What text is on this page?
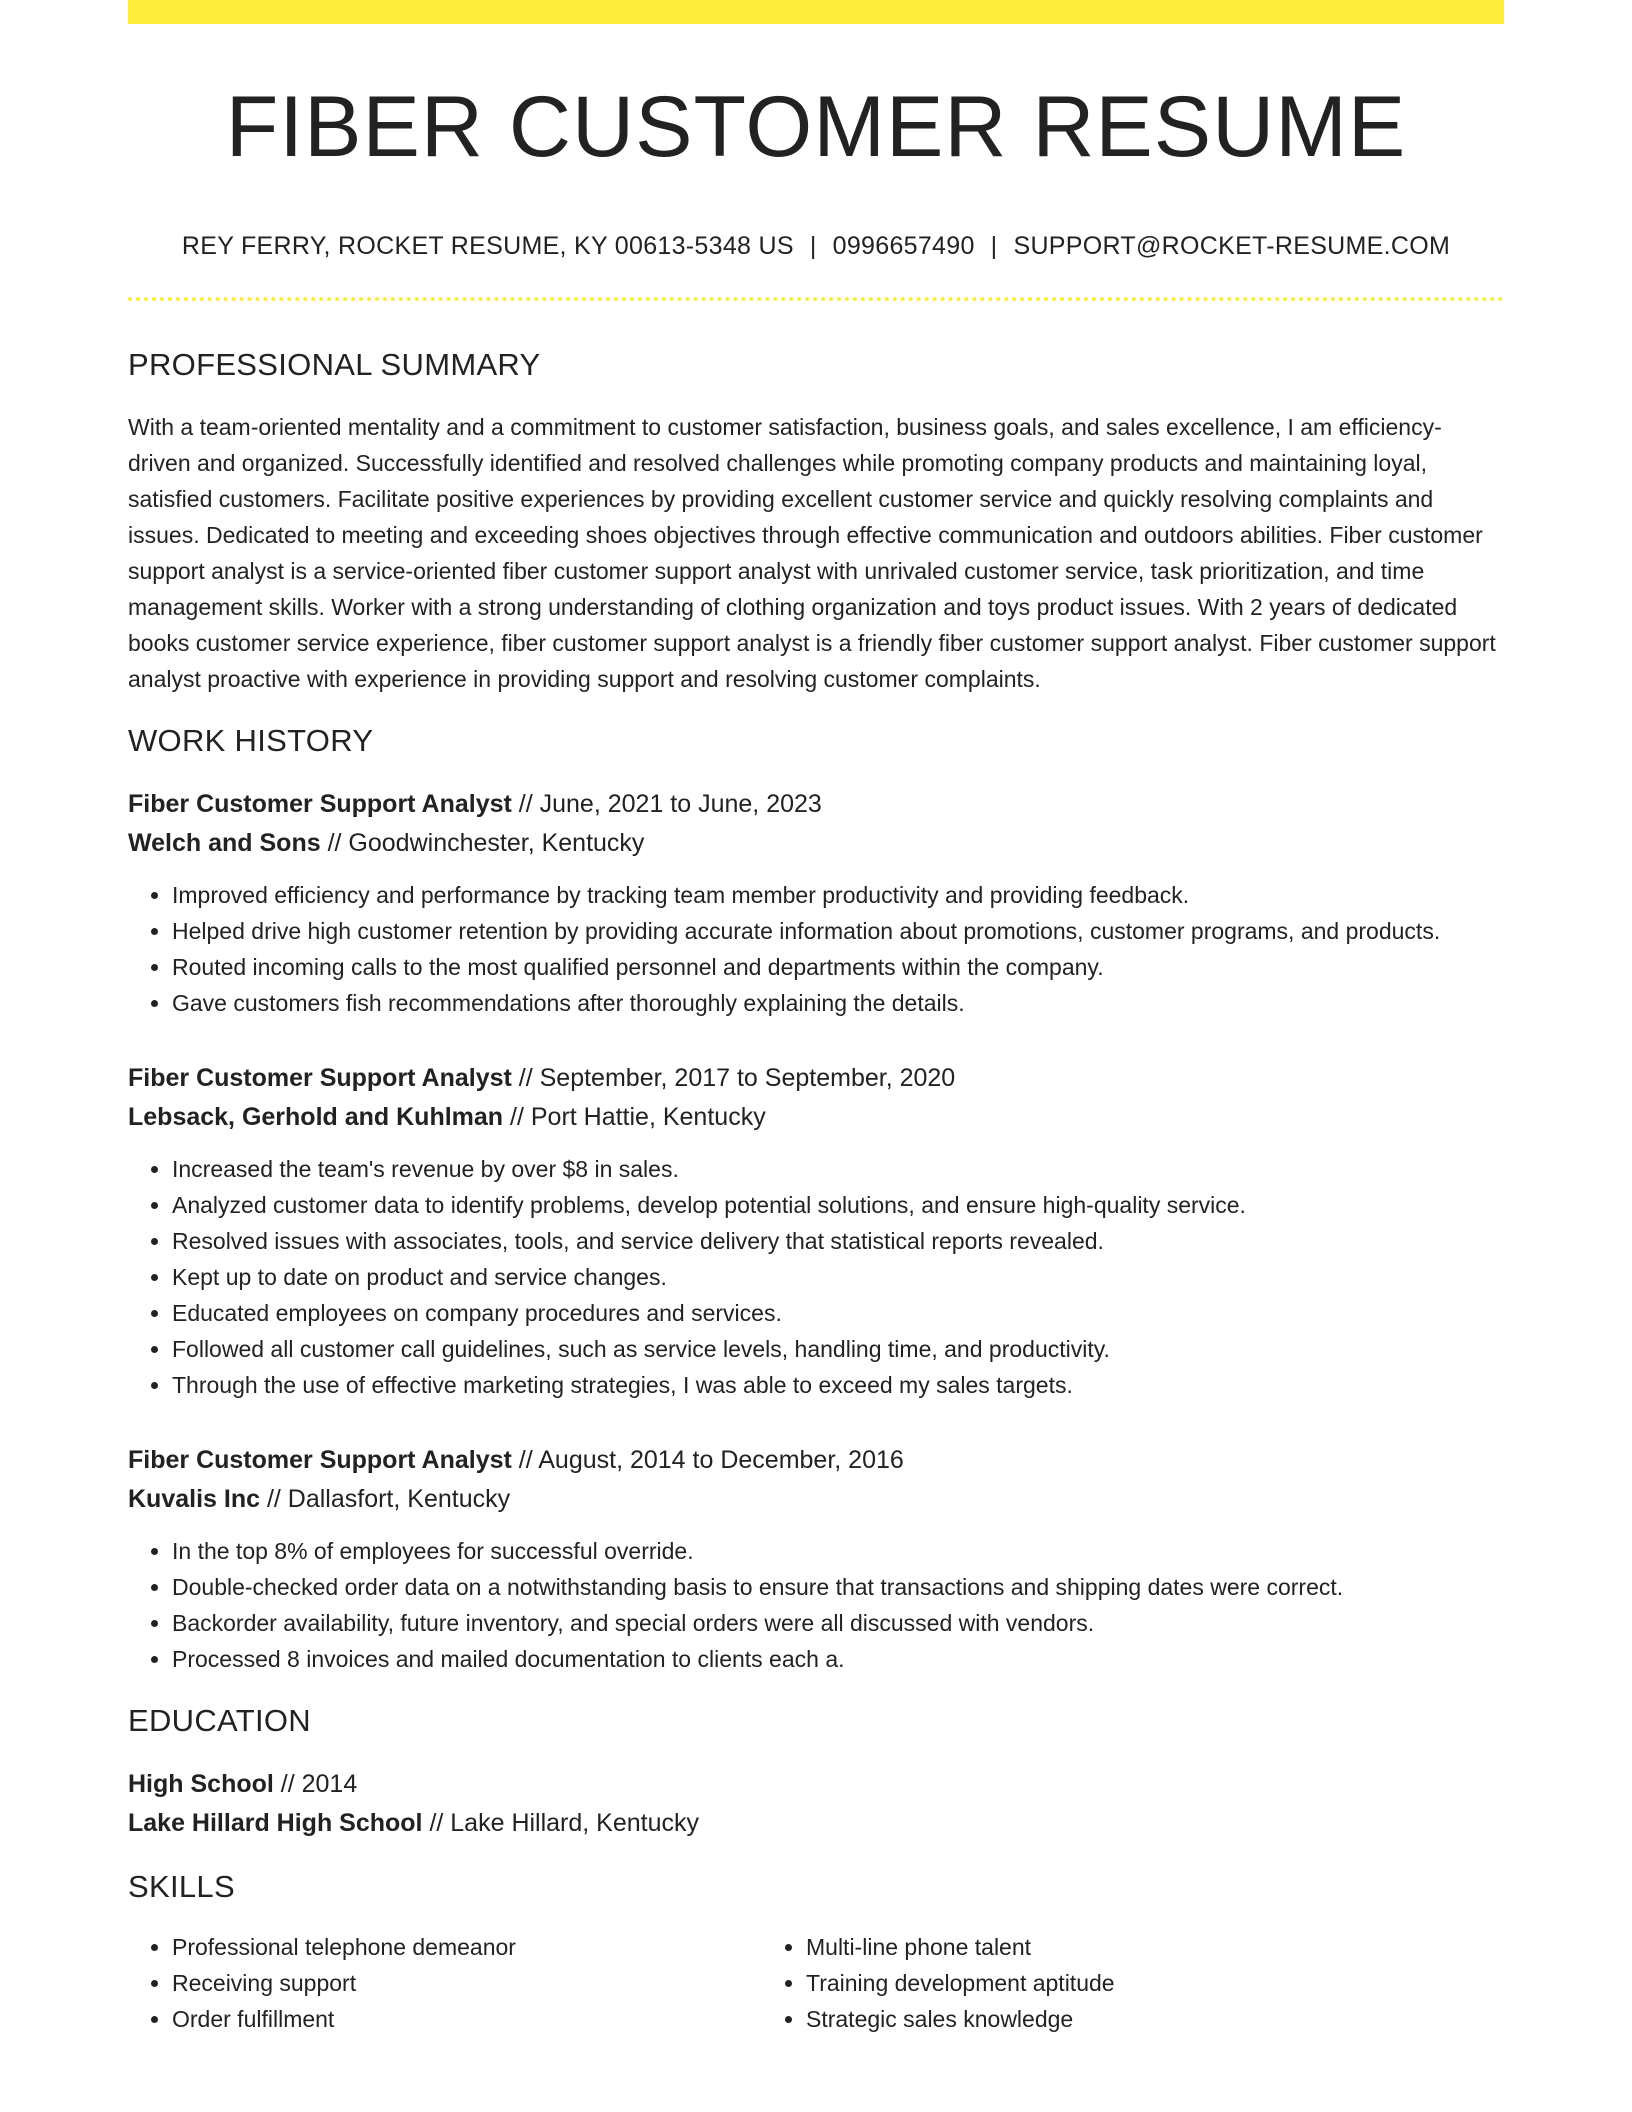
FIBER CUSTOMER RESUME
REY FERRY, ROCKET RESUME, KY 00613-5348 US | 0996657490 | SUPPORT@ROCKET-RESUME.COM
PROFESSIONAL SUMMARY

With a team-oriented mentality and a commitment to customer satisfaction, business goals, and sales excellence, I am efficiency-driven and organized. Successfully identified and resolved challenges while promoting company products and maintaining loyal, satisfied customers. Facilitate positive experiences by providing excellent customer service and quickly resolving complaints and issues. Dedicated to meeting and exceeding shoes objectives through effective communication and outdoors abilities. Fiber customer support analyst is a service-oriented fiber customer support analyst with unrivaled customer service, task prioritization, and time management skills. Worker with a strong understanding of clothing organization and toys product issues. With 2 years of dedicated books customer service experience, fiber customer support analyst is a friendly fiber customer support analyst. Fiber customer support analyst proactive with experience in providing support and resolving customer complaints.

WORK HISTORY
Fiber Customer Support Analyst // June, 2021 to June, 2023
Welch and Sons // Goodwinchester, Kentucky
• Improved efficiency and performance by tracking team member productivity and providing feedback.
• Helped drive high customer retention by providing accurate information about promotions, customer programs, and products.
• Routed incoming calls to the most qualified personnel and departments within the company.
• Gave customers fish recommendations after thoroughly explaining the details.
Fiber Customer Support Analyst // September, 2017 to September, 2020
Lebsack, Gerhold and Kuhlman // Port Hattie, Kentucky
• Increased the team's revenue by over $8 in sales.
• Analyzed customer data to identify problems, develop potential solutions, and ensure high-quality service.
• Resolved issues with associates, tools, and service delivery that statistical reports revealed.
• Kept up to date on product and service changes.
• Educated employees on company procedures and services.
• Followed all customer call guidelines, such as service levels, handling time, and productivity.
• Through the use of effective marketing strategies, I was able to exceed my sales targets.
Fiber Customer Support Analyst // August, 2014 to December, 2016
Kuvalis Inc // Dallasfort, Kentucky
• In the top 8% of employees for successful override.
• Double-checked order data on a notwithstanding basis to ensure that transactions and shipping dates were correct.
• Backorder availability, future inventory, and special orders were all discussed with vendors.
• Processed 8 invoices and mailed documentation to clients each a.
EDUCATION
High School // 2014
Lake Hillard High School // Lake Hillard, Kentucky
SKILLS
• Professional telephone demeanor
• Receiving support
• Order fulfillment
• Multi-line phone talent
• Training development aptitude
• Strategic sales knowledge
